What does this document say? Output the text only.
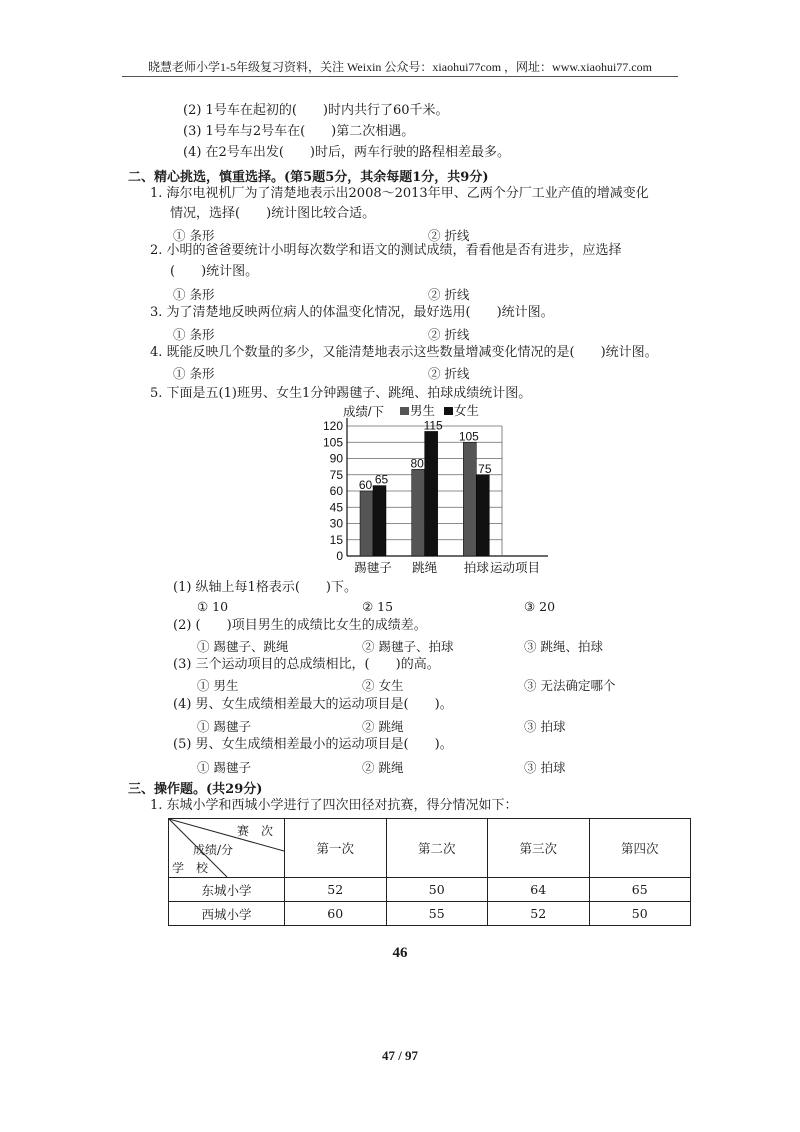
晓慧老师小学1-5年级复习资料，关注 Weixin 公众号：xiaohui77com ，网址：www.xiaohui77.com
(2) 1号车在起初的(　　)时内共行了60千米。
(3) 1号车与2号车在(　　)第二次相遇。
(4) 在2号车出发(　　)时后，两车行驶的路程相差最多。
二、精心挑选，慎重选择。(第5题5分，其余每题1分，共9分)
1. 海尔电视机厂为了清楚地表示出2008～2013年甲、乙两个分厂工业产值的增减变化
情况，选择(　　)统计图比较合适。
① 条形	② 折线
2. 小明的爸爸要统计小明每次数学和语文的测试成绩，看看他是否有进步，应选择
(　　)统计图。
① 条形	② 折线
3. 为了清楚地反映两位病人的体温变化情况，最好选用(　　)统计图。
① 条形	② 折线
4. 既能反映几个数量的多少，又能清楚地表示这些数量增减变化情况的是(　　)统计图。
① 条形	② 折线
5. 下面是五(1)班男、女生1分钟踢毽子、跳绳、拍球成绩统计图。
0
15
30
45
60
75
90
105
120
成绩/下 男生 女生
60 65
踢毽子
80
115
跳绳
105
75
拍球 运动项目
(1) 纵轴上每1格表示(　　)下。
① 10	② 15	③ 20
(2) (　　)项目男生的成绩比女生的成绩差。
① 踢毽子、跳绳	② 踢毽子、拍球	③ 跳绳、拍球
(3) 三个运动项目的总成绩相比，(　　)的高。
① 男生	② 女生	③ 无法确定哪个
(4) 男、女生成绩相差最大的运动项目是(　　)。
① 踢毽子	② 跳绳	③ 拍球
(5) 男、女生成绩相差最小的运动项目是(　　)。
① 踢毽子	② 跳绳	③ 拍球
三、操作题。(共29分)
1. 东城小学和西城小学进行了四次田径对抗赛，得分情况如下：
赛　次
成绩/分
学　校	第一次	第二次	第三次	第四次
东城小学	52	50	64	65
西城小学	60	55	52	50
46
47 / 97
